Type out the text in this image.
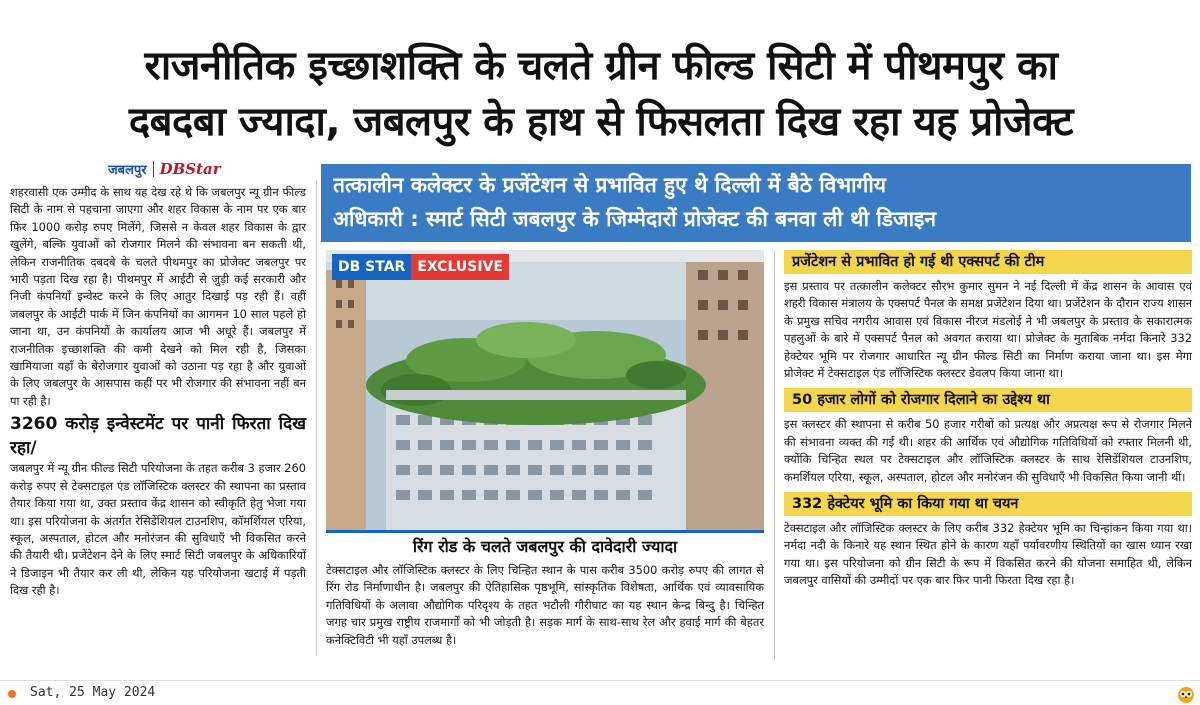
राजनीतिक इच्छाशक्ति के चलते ग्रीन फील्ड सिटी में पीथमपुर का
दबदबा ज्यादा, जबलपुर के हाथ से फिसलता दिख रहा यह प्रोजेक्ट
जबलपुर DBStar
तत्कालीन कलेक्टर के प्रजेंटेशन से प्रभावित हुए थे दिल्ली में बैठे विभागीय
अधिकारी : स्मार्ट सिटी जबलपुर के जिम्मेदारों प्रोजेक्ट की बनवा ली थी डिजाइन

शहरवासी एक उम्मीद के साथ यह देख रहे थे कि जबलपुर न्यू ग्रीन फील्ड सिटी के नाम से पहचाना जाएगा और शहर विकास के नाम पर एक बार फिर 1000 करोड़ रुपए मिलेंगे, जिससे न केवल शहर विकास के द्वार खुलेंगे, बल्कि युवाओं को रोजगार मिलने की संभावना बन सकती थी, लेकिन राजनीतिक दबदबे के चलते पीथमपुर का प्रोजेक्ट जबलपुर पर भारी पड़ता दिख रहा है। पीथमपुर में आईटी से जुड़ी कई सरकारी और निजी कंपनियाँ इन्वेस्ट करने के लिए आतुर दिखाई पड़ रही हैं। वहीं जबलपुर के आईटी पार्क में जिन कंपनियों का आगमन 10 साल पहले हो जाना था, उन कंपनियों के कार्यालय आज भी अधूरे हैं। जबलपुर में राजनीतिक इच्छाशक्ति की कमी देखने को मिल रही है, जिसका खामियाजा यहाँ के बेरोजगार युवाओं को उठाना पड़ रहा है और युवाओं के लिए जबलपुर के आसपास कहीं पर भी रोजगार की संभावना नहीं बन पा रही है।

3260 करोड़ इन्वेस्टमेंट पर पानी फिरता दिख रहा/

जबलपुर में न्यू ग्रीन फील्ड सिटी परियोजना के तहत करीब 3 हजार 260 करोड़ रुपए से टेक्सटाइल एंड लॉजिस्टिक क्लस्टर की स्थापना का प्रस्ताव तैयार किया गया था, उक्त प्रस्ताव केंद्र शासन को स्वीकृति हेतु भेजा गया था। इस परियोजना के अंतर्गत रेसिडेंशियल टाउनशिप, कॉमर्शियल एरिया, स्कूल, अस्पताल, होटल और मनोरंजन की सुविधाएँ भी विकसित करने की तैयारी थी। प्रजेंटेशन देने के लिए स्मार्ट सिटी जबलपुर के अधिकारियों ने डिजाइन भी तैयार कर ली थी, लेकिन यह परियोजना खटाई में पड़ती दिख रही है।

DB STAR EXCLUSIVE
रिंग रोड के चलते जबलपुर की दावेदारी ज्यादा
टेक्सटाइल और लॉजिस्टिक क्लस्टर के लिए चिन्हित स्थान के पास करीब 3500 करोड़ रुपए की लागत से रिंग रोड निर्माणाधीन है। जबलपुर की ऐतिहासिक पृष्ठभूमि, सांस्कृतिक विशेषता, आर्थिक एवं व्यावसायिक गतिविधियों के अलावा औद्योगिक परिदृश्य के तहत भटौली गौरीघाट का यह स्थान केन्द्र बिन्दु है। चिन्हित जगह चार प्रमुख राष्ट्रीय राजमार्गों को भी जोड़ती है। सड़क मार्ग के साथ-साथ रेल और हवाई मार्ग की बेहतर कनेक्टिविटी भी यहाँ उपलब्ध है।
प्रजेंटेशन से प्रभावित हो गई थी एक्सपर्ट की टीम
इस प्रस्ताव पर तत्कालीन कलेक्टर सौरभ कुमार सुमन ने नई दिल्ली में केंद्र शासन के आवास एवं शहरी विकास मंत्रालय के एक्सपर्ट पैनल के समक्ष प्रजेंटेशन दिया था। प्रजेंटेशन के दौरान राज्य शासन के प्रमुख सचिव नगरीय आवास एवं विकास नीरज मंडलोई ने भी जबलपुर के प्रस्ताव के सकारात्मक पहलुओं के बारे में एक्सपर्ट पैनल को अवगत कराया था। प्रोजेक्ट के मुताबिक नर्मदा किनारे 332 हेक्टेयर भूमि पर रोजगार आधारित न्यू ग्रीन फील्ड सिटी का निर्माण कराया जाना था। इस मेगा प्रोजेक्ट में टेक्सटाइल एंड लॉजिस्टिक क्लस्टर डेवलप किया जाना था।
50 हजार लोगों को रोजगार दिलाने का उद्देश्य था
इस क्लस्टर की स्थापना से करीब 50 हजार गरीबों को प्रत्यक्ष और अप्रत्यक्ष रूप से रोजगार मिलने की संभावना व्यक्त की गई थी। शहर की आर्थिक एवं औद्योगिक गतिविधियों को रफ्तार मिलनी थी, क्योंकि चिन्हित स्थल पर टेक्सटाइल और लॉजिस्टिक क्लस्टर के साथ रेसिडेंशियल टाउनशिप, कमर्शियल एरिया, स्कूल, अस्पताल, होटल और मनोरंजन की सुविधाएँ भी विकसित किया जानी थीं।
332 हेक्टेयर भूमि का किया गया था चयन
टेक्सटाइल और लॉजिस्टिक क्लस्टर के लिए करीब 332 हेक्टेयर भूमि का चिन्हांकन किया गया था। नर्मदा नदी के किनारे यह स्थान स्थित होने के कारण यहाँ पर्यावरणीय स्थितियों का खास ध्यान रखा गया था। इस परियोजना को ग्रीन सिटी के रूप में विकसित करने की योजना समाहित थी, लेकिन जबलपुर वासियों की उम्मीदों पर एक बार फिर पानी फिरता दिख रहा है।
Sat, 25 May 2024
